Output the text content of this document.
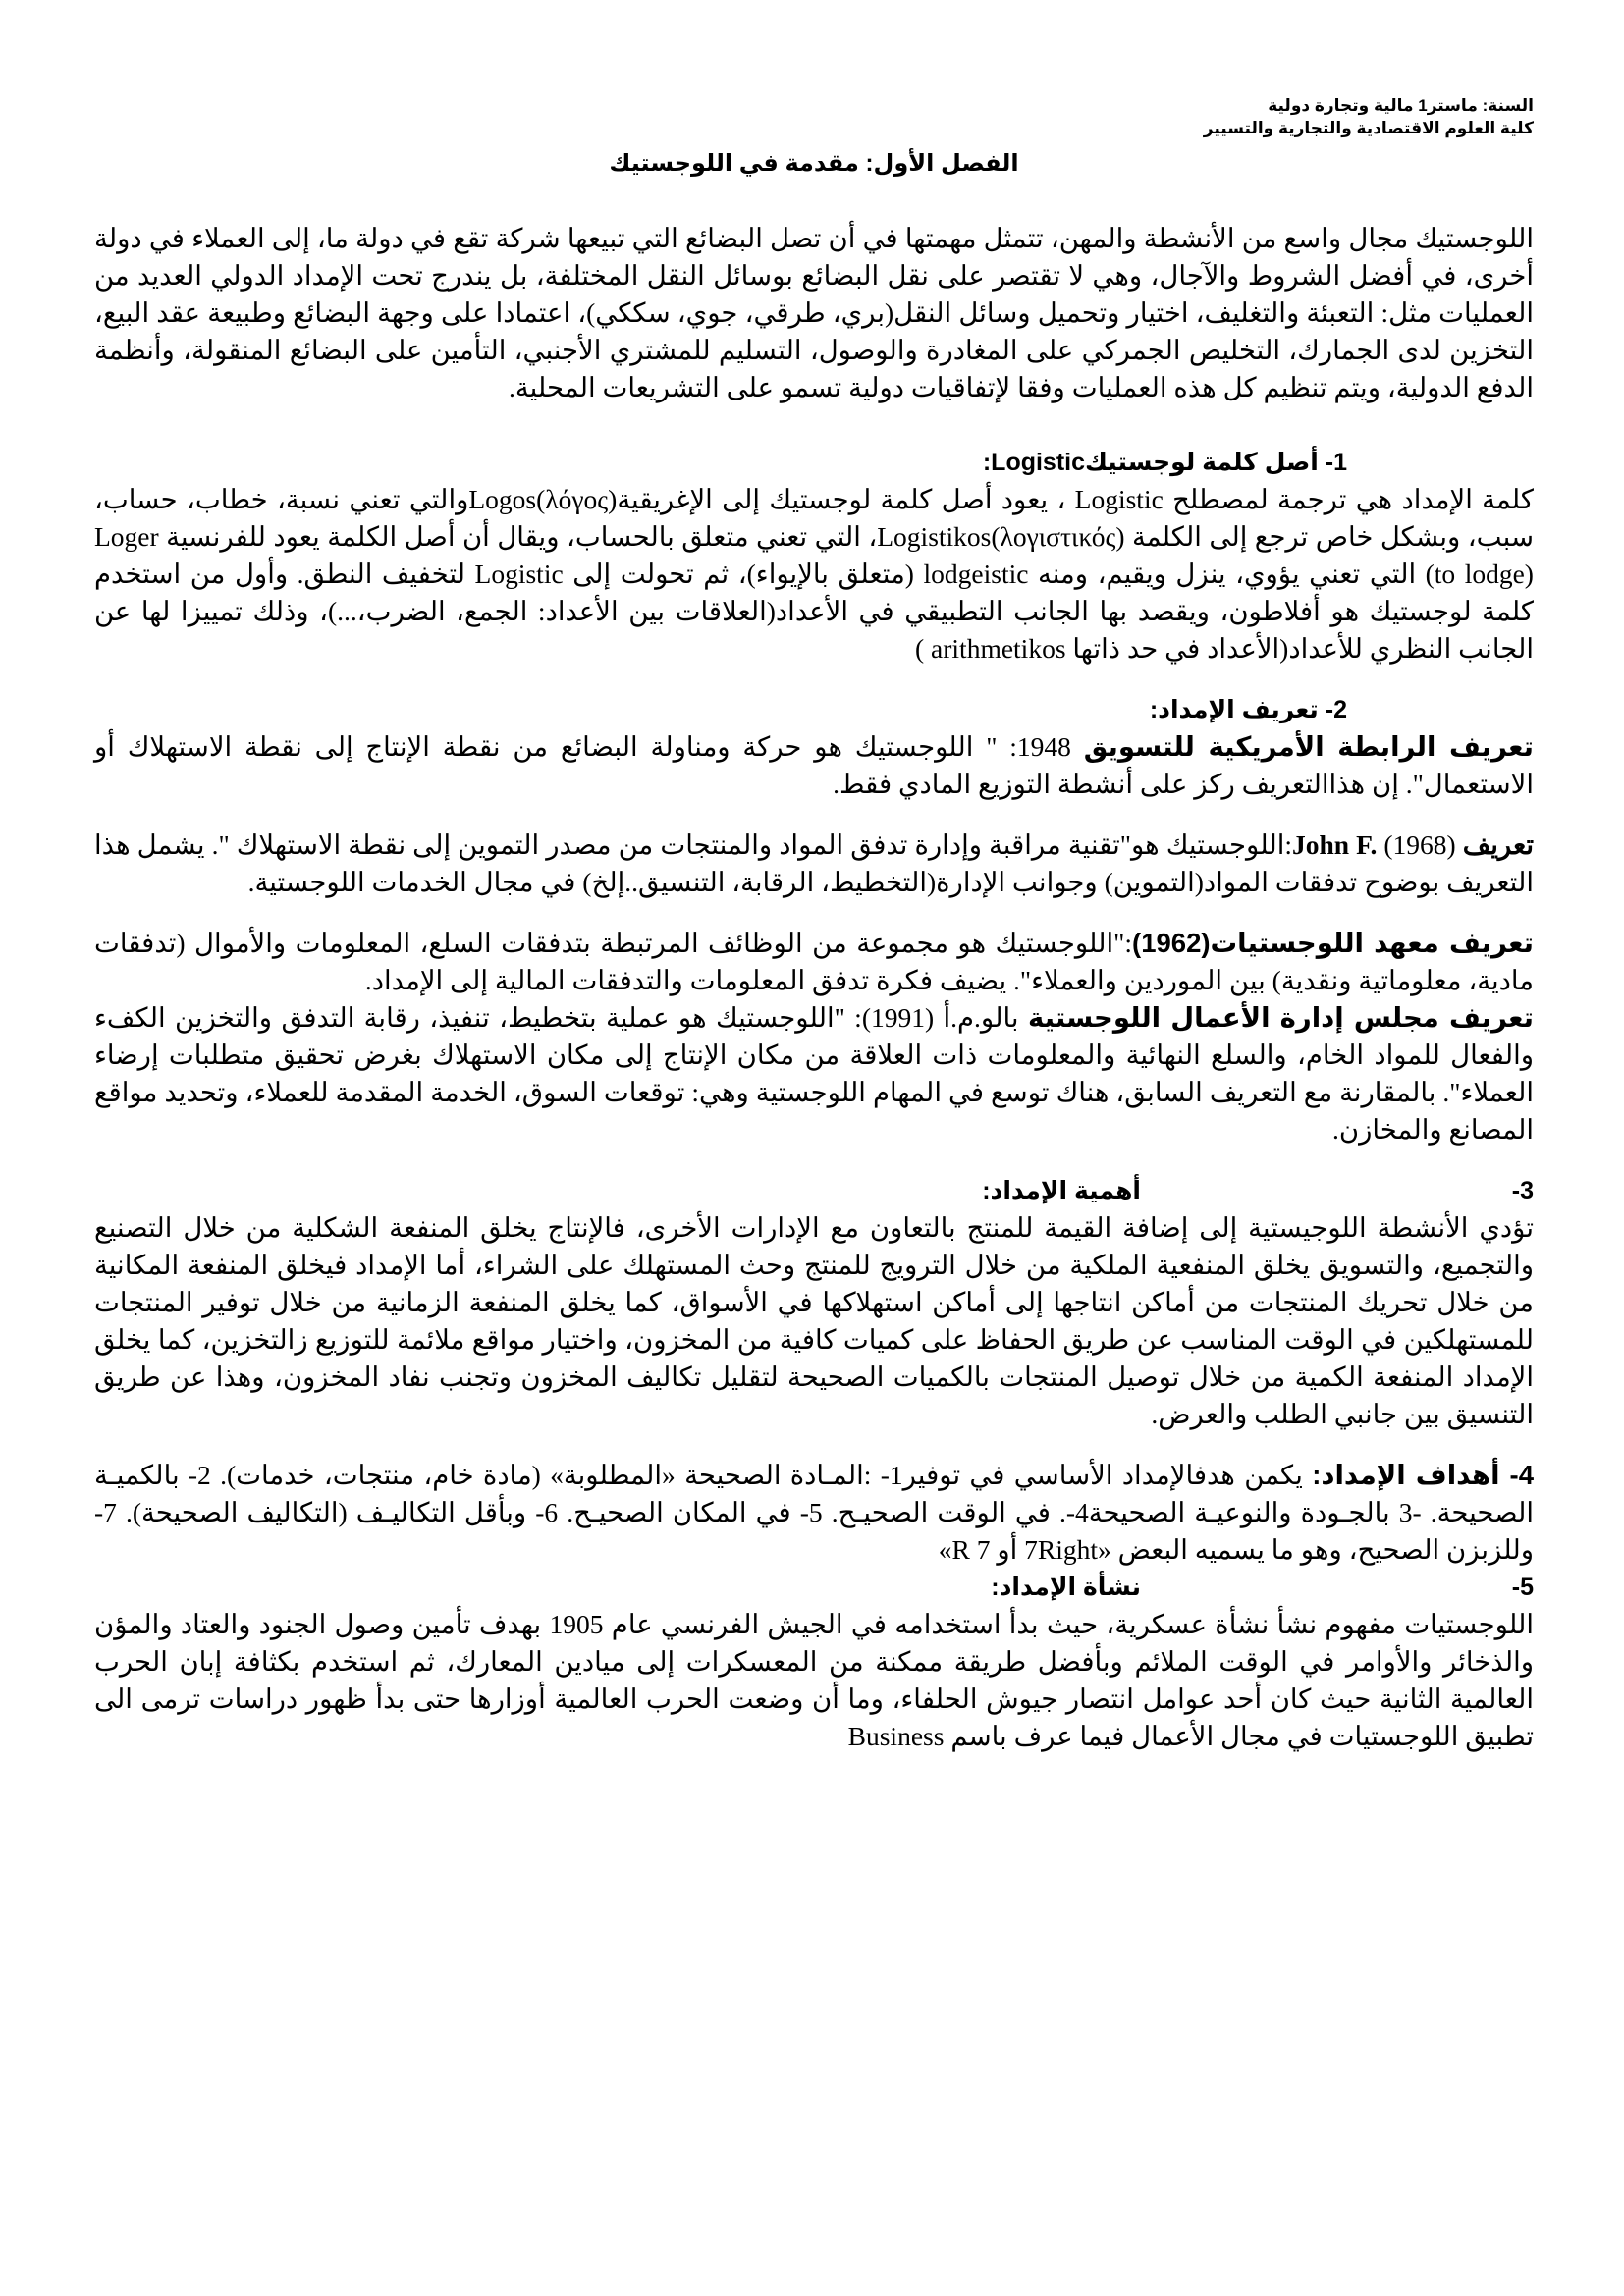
السنة: ماستر1 مالية وتجارة دولية
كلية العلوم الاقتصادية والتجارية والتسيير
الفصل الأول: مقدمة في اللوجستيك

اللوجستيك مجال واسع من الأنشطة والمهن، تتمثل مهمتها في أن تصل البضائع التي تبيعها شركة تقع في دولة ما، إلى العملاء في دولة أخرى، في أفضل الشروط والآجال، وهي لا تقتصر على نقل البضائع بوسائل النقل المختلفة، بل يندرج تحت الإمداد الدولي العديد من العمليات مثل: التعبئة والتغليف، اختيار وتحميل وسائل النقل(بري، طرقي، جوي، سككي)، اعتمادا على وجهة البضائع وطبيعة عقد البيع، التخزين لدى الجمارك، التخليص الجمركي على المغادرة والوصول، التسليم للمشتري الأجنبي، التأمين على البضائع المنقولة، وأنظمة الدفع الدولية، ويتم تنظيم كل هذه العمليات وفقا لإتفاقيات دولية تسمو على التشريعات المحلية.

1- أصل كلمة لوجستيكLogistic:

كلمة الإمداد هي ترجمة لمصطلح Logistic ، يعود أصل كلمة لوجستيك إلى الإغريقيةLogos(λόγος)والتي تعني نسبة، خطاب، حساب، سبب، وبشكل خاص ترجع إلى الكلمة Logistikos(λογιστικός)، التي تعني متعلق بالحساب، ويقال أن أصل الكلمة يعود للفرنسية Loger (to lodge) التي تعني يؤوي، ينزل ويقيم، ومنه lodgeistic (متعلق بالإيواء)، ثم تحولت إلى Logistic لتخفيف النطق. وأول من استخدم كلمة لوجستيك هو أفلاطون، ويقصد بها الجانب التطبيقي في الأعداد(العلاقات بين الأعداد: الجمع، الضرب،...)، وذلك تمييزا لها عن الجانب النظري للأعداد(الأعداد في حد ذاتها arithmetikos )

2- تعريف الإمداد:

تعريف الرابطة الأمريكية للتسويق 1948: " اللوجستيك هو حركة ومناولة البضائع من نقطة الإنتاج إلى نقطة الاستهلاك أو الاستعمال". إن هذاالتعريف ركز على أنشطة التوزيع المادي فقط.

تعريف John F. (1968):اللوجستيك هو"تقنية مراقبة وإدارة تدفق المواد والمنتجات من مصدر التموين إلى نقطة الاستهلاك ". يشمل هذا التعريف بوضوح تدفقات المواد(التموين) وجوانب الإدارة(التخطيط، الرقابة، التنسيق..إلخ) في مجال الخدمات اللوجستية.

تعريف معهد اللوجستيات(1962):"اللوجستيك هو مجموعة من الوظائف المرتبطة بتدفقات السلع، المعلومات والأموال (تدفقات مادية، معلوماتية ونقدية) بين الموردين والعملاء". يضيف فكرة تدفق المعلومات والتدفقات المالية إلى الإمداد.

تعريف مجلس إدارة الأعمال اللوجستية بالو.م.أ (1991): "اللوجستيك هو عملية بتخطيط، تنفيذ، رقابة التدفق والتخزين الكفء والفعال للمواد الخام، والسلع النهائية والمعلومات ذات العلاقة من مكان الإنتاج إلى مكان الاستهلاك بغرض تحقيق متطلبات إرضاء العملاء". بالمقارنة مع التعريف السابق، هناك توسع في المهام اللوجستية وهي: توقعات السوق، الخدمة المقدمة للعملاء، وتحديد مواقع المصانع والمخازن.

3-
أهمية الإمداد:

تؤدي الأنشطة اللوجيستية إلى إضافة القيمة للمنتج بالتعاون مع الإدارات الأخرى، فالإنتاج يخلق المنفعة الشكلية من خلال التصنيع والتجميع، والتسويق يخلق المنفعية الملكية من خلال الترويج للمنتج وحث المستهلك على الشراء، أما الإمداد فيخلق المنفعة المكانية من خلال تحريك المنتجات من أماكن انتاجها إلى أماكن استهلاكها في الأسواق، كما يخلق المنفعة الزمانية من خلال توفير المنتجات للمستهلكين في الوقت المناسب عن طريق الحفاظ على كميات كافية من المخزون، واختيار مواقع ملائمة للتوزيع زالتخزين، كما يخلق الإمداد المنفعة الكمية من خلال توصيل المنتجات بالكميات الصحيحة لتقليل تكاليف المخزون وتجنب نفاد المخزون، وهذا عن طريق التنسيق بين جانبي الطلب والعرض.

4- أهداف الإمداد: يكمن هدفالإمداد الأساسي في توفير1- :المـادة الصحيحة «المطلوبة» (مادة خام، منتجات، خدمات). 2- بالكميـة الصحيحة. -3 بالجـودة والنوعيـة الصحيحة4-. في الوقت الصحيـح. 5- في المكان الصحيـح. 6- وبأقل التكاليـف (التكاليف الصحيحة). 7- وللزبزن الصحيح، وهو ما يسميه البعض «7Right أو 7 R»

5-
نشأة الإمداد:

اللوجستيات مفهوم نشأ نشأة عسكرية، حيث بدأ استخدامه في الجيش الفرنسي عام 1905 بهدف تأمين وصول الجنود والعتاد والمؤن والذخائر والأوامر في الوقت الملائم وبأفضل طريقة ممكنة من المعسكرات إلى ميادين المعارك، ثم استخدم بكثافة إبان الحرب العالمية الثانية حيث كان أحد عوامل انتصار جيوش الحلفاء، وما أن وضعت الحرب العالمية أوزارها حتى بدأ ظهور دراسات ترمى الى تطبيق اللوجستيات في مجال الأعمال فيما عرف باسم Business
